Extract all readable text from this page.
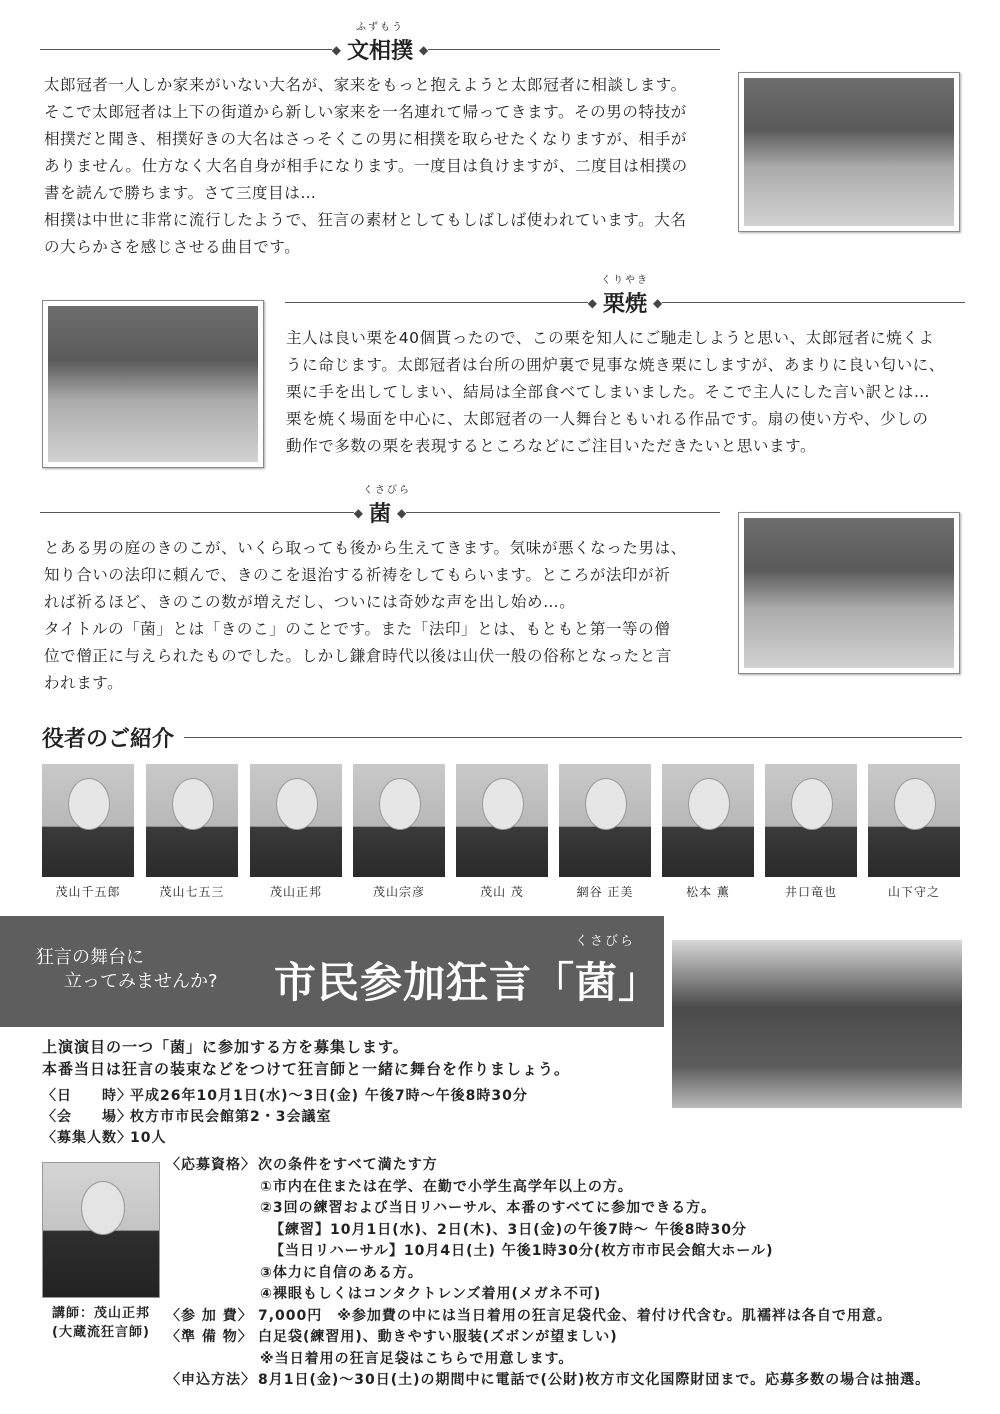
◆
ふずもう
文相撲 ◆

太郎冠者一人しか家来がいない大名が、家来をもっと抱えようと太郎冠者に相談します。

そこで太郎冠者は上下の街道から新しい家来を一名連れて帰ってきます。その男の特技が

相撲だと聞き、相撲好きの大名はさっそくこの男に相撲を取らせたくなりますが、相手が

ありません。仕方なく大名自身が相手になります。一度目は負けますが、二度目は相撲の

書を読んで勝ちます。さて三度目は…

相撲は中世に非常に流行したようで、狂言の素材としてもしばしば使われています。大名

の大らかさを感じさせる曲目です。

◆
くりやき
栗焼 ◆

主人は良い栗を40個貰ったので、この栗を知人にご馳走しようと思い、太郎冠者に焼くよ

うに命じます。太郎冠者は台所の囲炉裏で見事な焼き栗にしますが、あまりに良い匂いに、

栗に手を出してしまい、結局は全部食べてしまいました。そこで主人にした言い訳とは…

栗を焼く場面を中心に、太郎冠者の一人舞台ともいれる作品です。扇の使い方や、少しの

動作で多数の栗を表現するところなどにご注目いただきたいと思います。

◆
くさびら
菌 ◆

とある男の庭のきのこが、いくら取っても後から生えてきます。気味が悪くなった男は、

知り合いの法印に頼んで、きのこを退治する祈祷をしてもらいます。ところが法印が祈

れば祈るほど、きのこの数が増えだし、ついには奇妙な声を出し始め…。

タイトルの「菌」とは「きのこ」のことです。また「法印」とは、もともと第一等の僧

位で僧正に与えられたものでした。しかし鎌倉時代以後は山伏一般の俗称となったと言

われます。

役者のご紹介
茂山千五郎	茂山七五三	茂山正邦	茂山宗彦	茂山 茂	網谷 正美	松本 薫	井口竜也	山下守之
狂言の舞台に
立ってみませんか?
くさびら
市民参加狂言「菌」
上演演目の一つ「菌」に参加する方を募集します。
本番当日は狂言の装束などをつけて狂言師と一緒に舞台を作りましょう。
〈日　　時〉
平成26年10月1日(水)～3日(金) 午後7時～午後8時30分
〈会　　場〉
枚方市市民会館第2・3会議室
〈募集人数〉
10人
講師：茂山正邦
(大蔵流狂言師)
〈応募資格〉 次の条件をすべて満たす方
①市内在住または在学、在勤で小学生高学年以上の方。
②3回の練習および当日リハーサル、本番のすべてに参加できる方。
【練習】10月1日(水)、2日(木)、3日(金)の午後7時～ 午後8時30分
【当日リハーサル】10月4日(土) 午後1時30分(枚方市市民会館大ホール)
③体力に自信のある方。
④裸眼もしくはコンタクトレンズ着用(メガネ不可)
〈参 加 費〉 7,000円　※参加費の中には当日着用の狂言足袋代金、着付け代含む。肌襦袢は各自で用意。
〈準 備 物〉 白足袋(練習用)、動きやすい服装(ズボンが望ましい)
※当日着用の狂言足袋はこちらで用意します。
〈申込方法〉 8月1日(金)～30日(土)の期間中に電話で(公財)枚方市文化国際財団まで。応募多数の場合は抽選。
